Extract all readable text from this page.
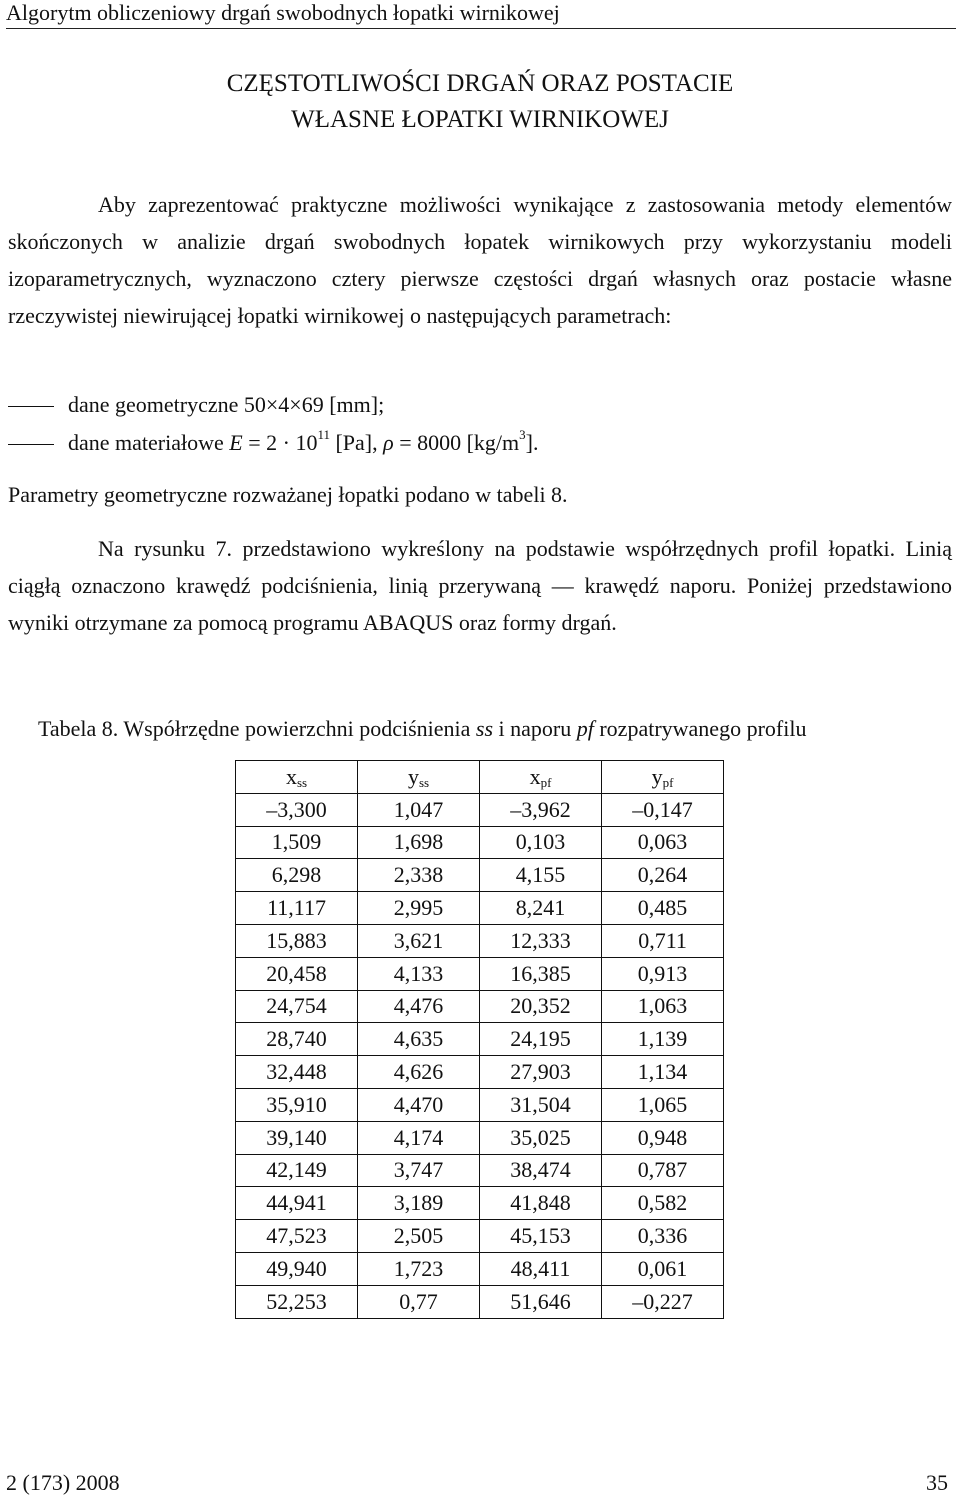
Algorytm obliczeniowy drgań swobodnych łopatki wirnikowej
CZĘSTOTLIWOŚCI DRGAŃ ORAZ POSTACIE
WŁASNE ŁOPATKI WIRNIKOWEJ
Aby zaprezentować praktyczne możliwości wynikające z zastosowania metody elementów skończonych w analizie drgań swobodnych łopatek wirnikowych przy wykorzystaniu modeli izoparametrycznych, wyznaczono cztery pierwsze częstości drgań własnych oraz postacie własne rzeczywistej niewirującej łopatki wirnikowej o następujących parametrach:
dane geometryczne 50×4×69 [mm];
dane materiałowe $E = 2 \cdot 10^{11}$ [Pa], ρ = 8000 $[kg/m^3]$.
Parametry geometryczne rozważanej łopatki podano w tabeli 8.
Na rysunku 7. przedstawiono wykreślony na podstawie współrzędnych profil łopatki. Linią ciągłą oznaczono krawędź podciśnienia, linią przerywaną — krawędź naporu. Poniżej przedstawiono wyniki otrzymane za pomocą programu ABAQUS oraz formy drgań.
Tabela 8. Współrzędne powierzchni podciśnienia ss i naporu pf rozpatrywanego profilu
$x_{ss}$	$y_{ss}$	$x_{pf}$	$y_{pf}$
–3,300	1,047	–3,962	–0,147
1,509	1,698	0,103	0,063
6,298	2,338	4,155	0,264
11,117	2,995	8,241	0,485
15,883	3,621	12,333	0,711
20,458	4,133	16,385	0,913
24,754	4,476	20,352	1,063
28,740	4,635	24,195	1,139
32,448	4,626	27,903	1,134
35,910	4,470	31,504	1,065
39,140	4,174	35,025	0,948
42,149	3,747	38,474	0,787
44,941	3,189	41,848	0,582
47,523	2,505	45,153	0,336
49,940	1,723	48,411	0,061
52,253	0,77	51,646	–0,227
2 (173) 2008	35
